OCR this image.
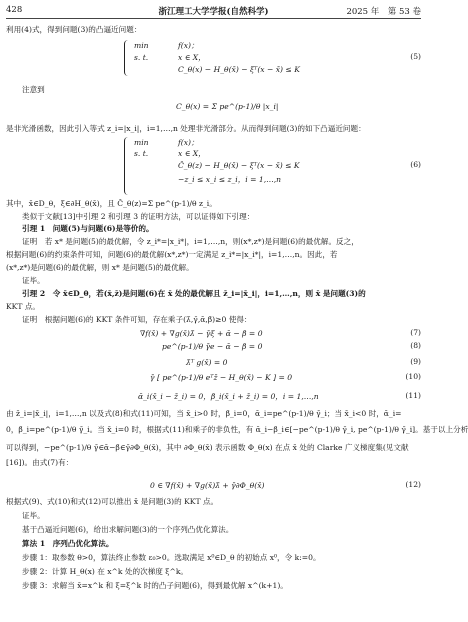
428	浙江理工大学学报(自然科学)	2025 年　第 53 卷
利用(4)式，得到问题(3)的凸逼近问题：
min
s. t.
f(x)；
x ∈ X，
C_θ(x) − H_θ(x̄) − ξᵀ(x − x̄) ≤ K
(5)
注意到
C_θ(x) = Σ pe^(p-1)/θ |x_i|
是非光滑函数，因此引入等式 z_i=|x_i|，i=1,…,n 处理非光滑部分。从而得到问题(3)的如下凸逼近问题：
min
s. t.
f(x)；
x ∈ X，
Ĉ_θ(z) − H_θ(x̄) − ξᵀ(x − x̄) ≤ K
−z_i ≤ x_i ≤ z_i，i = 1,…,n
(6)
其中，x̄∈D_θ，ξ∈∂H_θ(x̄)，且 Ĉ_θ(z)=Σ pe^(p-1)/θ z_i。
类似于文献[13]中引理 2 和引理 3 的证明方法，可以证得如下引理：
引理 1　问题(5)与问题(6)是等价的。
证明　若 x* 是问题(5)的最优解，令 z_i*=|x_i*|，i=1,…,n，则(x*,z*)是问题(6)的最优解。反之，
根据问题(6)的约束条件可知，问题(6)的最优解(x*,z*)一定满足 z_i*=|x_i*|，i=1,…,n。因此，若
(x*,z*)是问题(6)的最优解，则 x* 是问题(5)的最优解。
证毕。
引理 2　令 x̄∈D_θ，若(x̄,z̄)是问题(6)在 x̄ 处的最优解且 z̄_i=|x̄_i|，i=1,…,n，则 x̄ 是问题(3)的
KKT 点。
证明　根据问题(6)的 KKT 条件可知，存在乘子(λ̄,γ̄,ᾱ,β̄)≥0 使得：
∇f(x̄) + ∇g(x̄)λ̄ − γ̄ξ + ᾱ − β̄ = 0	(7)
pe^(p-1)/θ γ̄e − ᾱ − β̄ = 0	(8)
λ̄ᵀ g(x̄) = 0	(9)
γ̄ [ pe^(p-1)/θ eᵀz̄ − H_θ(x̄) − K ] = 0	(10)
ᾱ_i(x̄_i − z̄_i) = 0，β̄_i(x̄_i + z̄_i) = 0，i = 1,…,n	(11)
由 z̄_i=|x̄_i|，i=1,…,n 以及式(8)和式(11)可知，当 x̄_i>0 时，β̄_i=0，ᾱ_i=pe^(p-1)/θ γ̄_i；当 x̄_i<0 时，ᾱ_i=
0，β̄_i=pe^(p-1)/θ γ̄_i。当 x̄_i=0 时，根据式(11)和乘子的非负性，有 ᾱ_i−β̄_i∈[−pe^(p-1)/θ γ̄_i, pe^(p-1)/θ γ̄_i]。基于以上分析
可以得到，−pe^(p-1)/θ γ̄∈ᾱ−β̄∈γ̄∂Φ_θ(x̄)，其中 ∂Φ_θ(x̄) 表示函数 Φ_θ(x) 在点 x̄ 处的 Clarke 广义梯度集(见文献
[16])。由式(7)有：
0 ∈ ∇f(x̄) + ∇g(x̄)λ̄ + γ̄∂Φ_θ(x̄)	(12)
根据式(9)、式(10)和式(12)可以推出 x̄ 是问题(3)的 KKT 点。
证毕。
基于凸逼近问题(6)，给出求解问题(3)的一个序列凸优化算法。
算法 1　序列凸优化算法。
步骤 1：取参数 θ>0，算法终止参数 ε₀>0。选取满足 x⁰∈D_θ 的初始点 x⁰，令 k:=0。
步骤 2：计算 H_θ(x) 在 x^k 处的次梯度 ξ^k。
步骤 3：求解当 x̄=x^k 和 ξ=ξ^k 时的凸子问题(6)，得到最优解 x^(k+1)。
